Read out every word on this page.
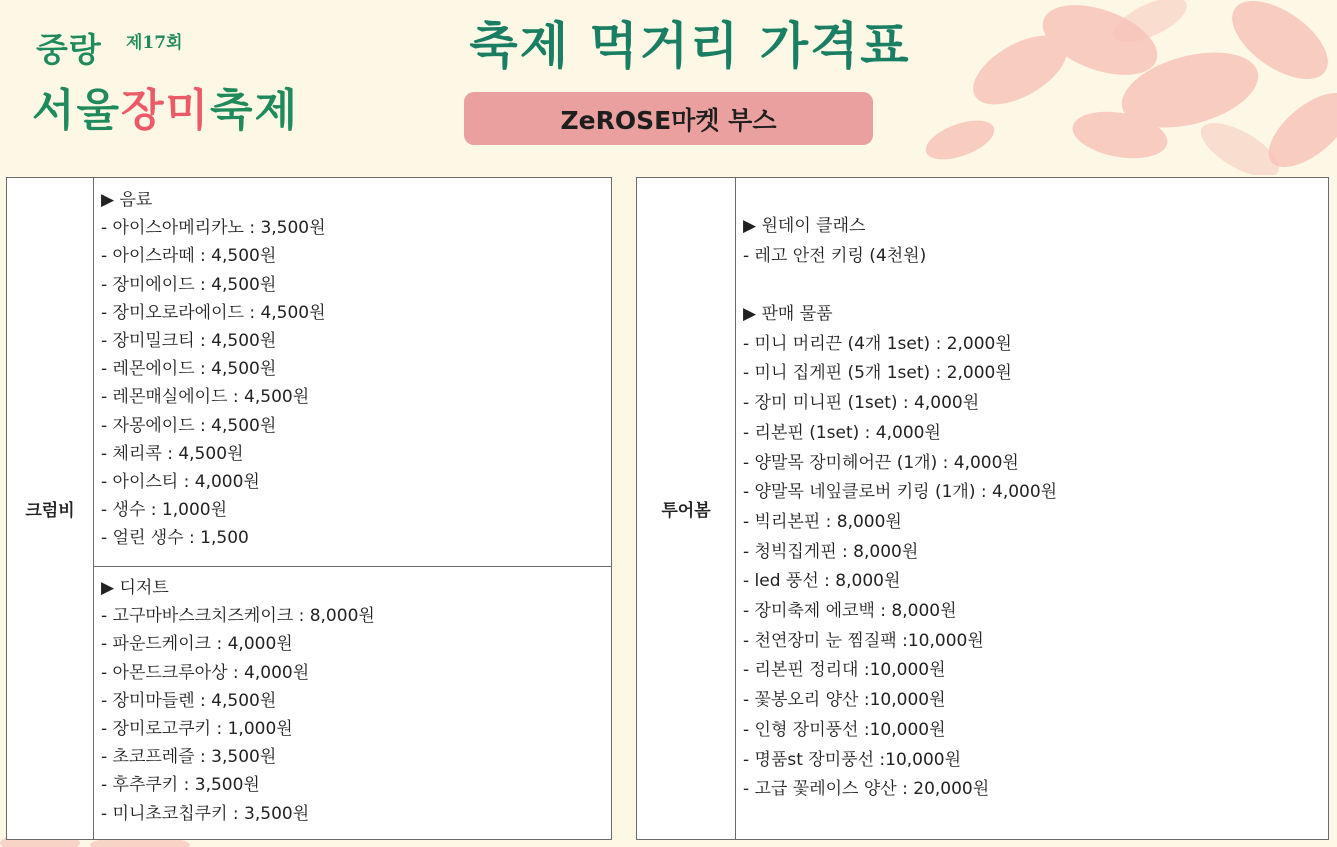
중랑 제17회
서울장미축제
축제 먹거리 가격표
ZeROSE마켓 부스
크럼비
▶ 음료
- 아이스아메리카노 : 3,500원
- 아이스라떼 : 4,500원
- 장미에이드 : 4,500원
- 장미오로라에이드 : 4,500원
- 장미밀크티 : 4,500원
- 레몬에이드 : 4,500원
- 레몬매실에이드 : 4,500원
- 자몽에이드 : 4,500원
- 체리콕 : 4,500원
- 아이스티 : 4,000원
- 생수 : 1,000원
- 얼린 생수 : 1,500
▶ 디저트
- 고구마바스크치즈케이크 : 8,000원
- 파운드케이크 : 4,000원
- 아몬드크루아상 : 4,000원
- 장미마들렌 : 4,500원
- 장미로고쿠키 : 1,000원
- 초코프레즐 : 3,500원
- 후추쿠키 : 3,500원
- 미니초코칩쿠키 : 3,500원
투어봄
▶ 원데이 클래스
- 레고 안전 키링 (4천원)
▶ 판매 물품
- 미니 머리끈 (4개 1set) : 2,000원
- 미니 집게핀 (5개 1set) : 2,000원
- 장미 미니핀 (1set) : 4,000원
- 리본핀 (1set) : 4,000원
- 양말목 장미헤어끈 (1개) : 4,000원
- 양말목 네잎클로버 키링 (1개) : 4,000원
- 빅리본핀 : 8,000원
- 청빅집게핀 : 8,000원
- led 풍선 : 8,000원
- 장미축제 에코백 : 8,000원
- 천연장미 눈 찜질팩 :10,000원
- 리본핀 정리대 :10,000원
- 꽃봉오리 양산 :10,000원
- 인형 장미풍선 :10,000원
- 명품st 장미풍선 :10,000원
- 고급 꽃레이스 양산 : 20,000원
